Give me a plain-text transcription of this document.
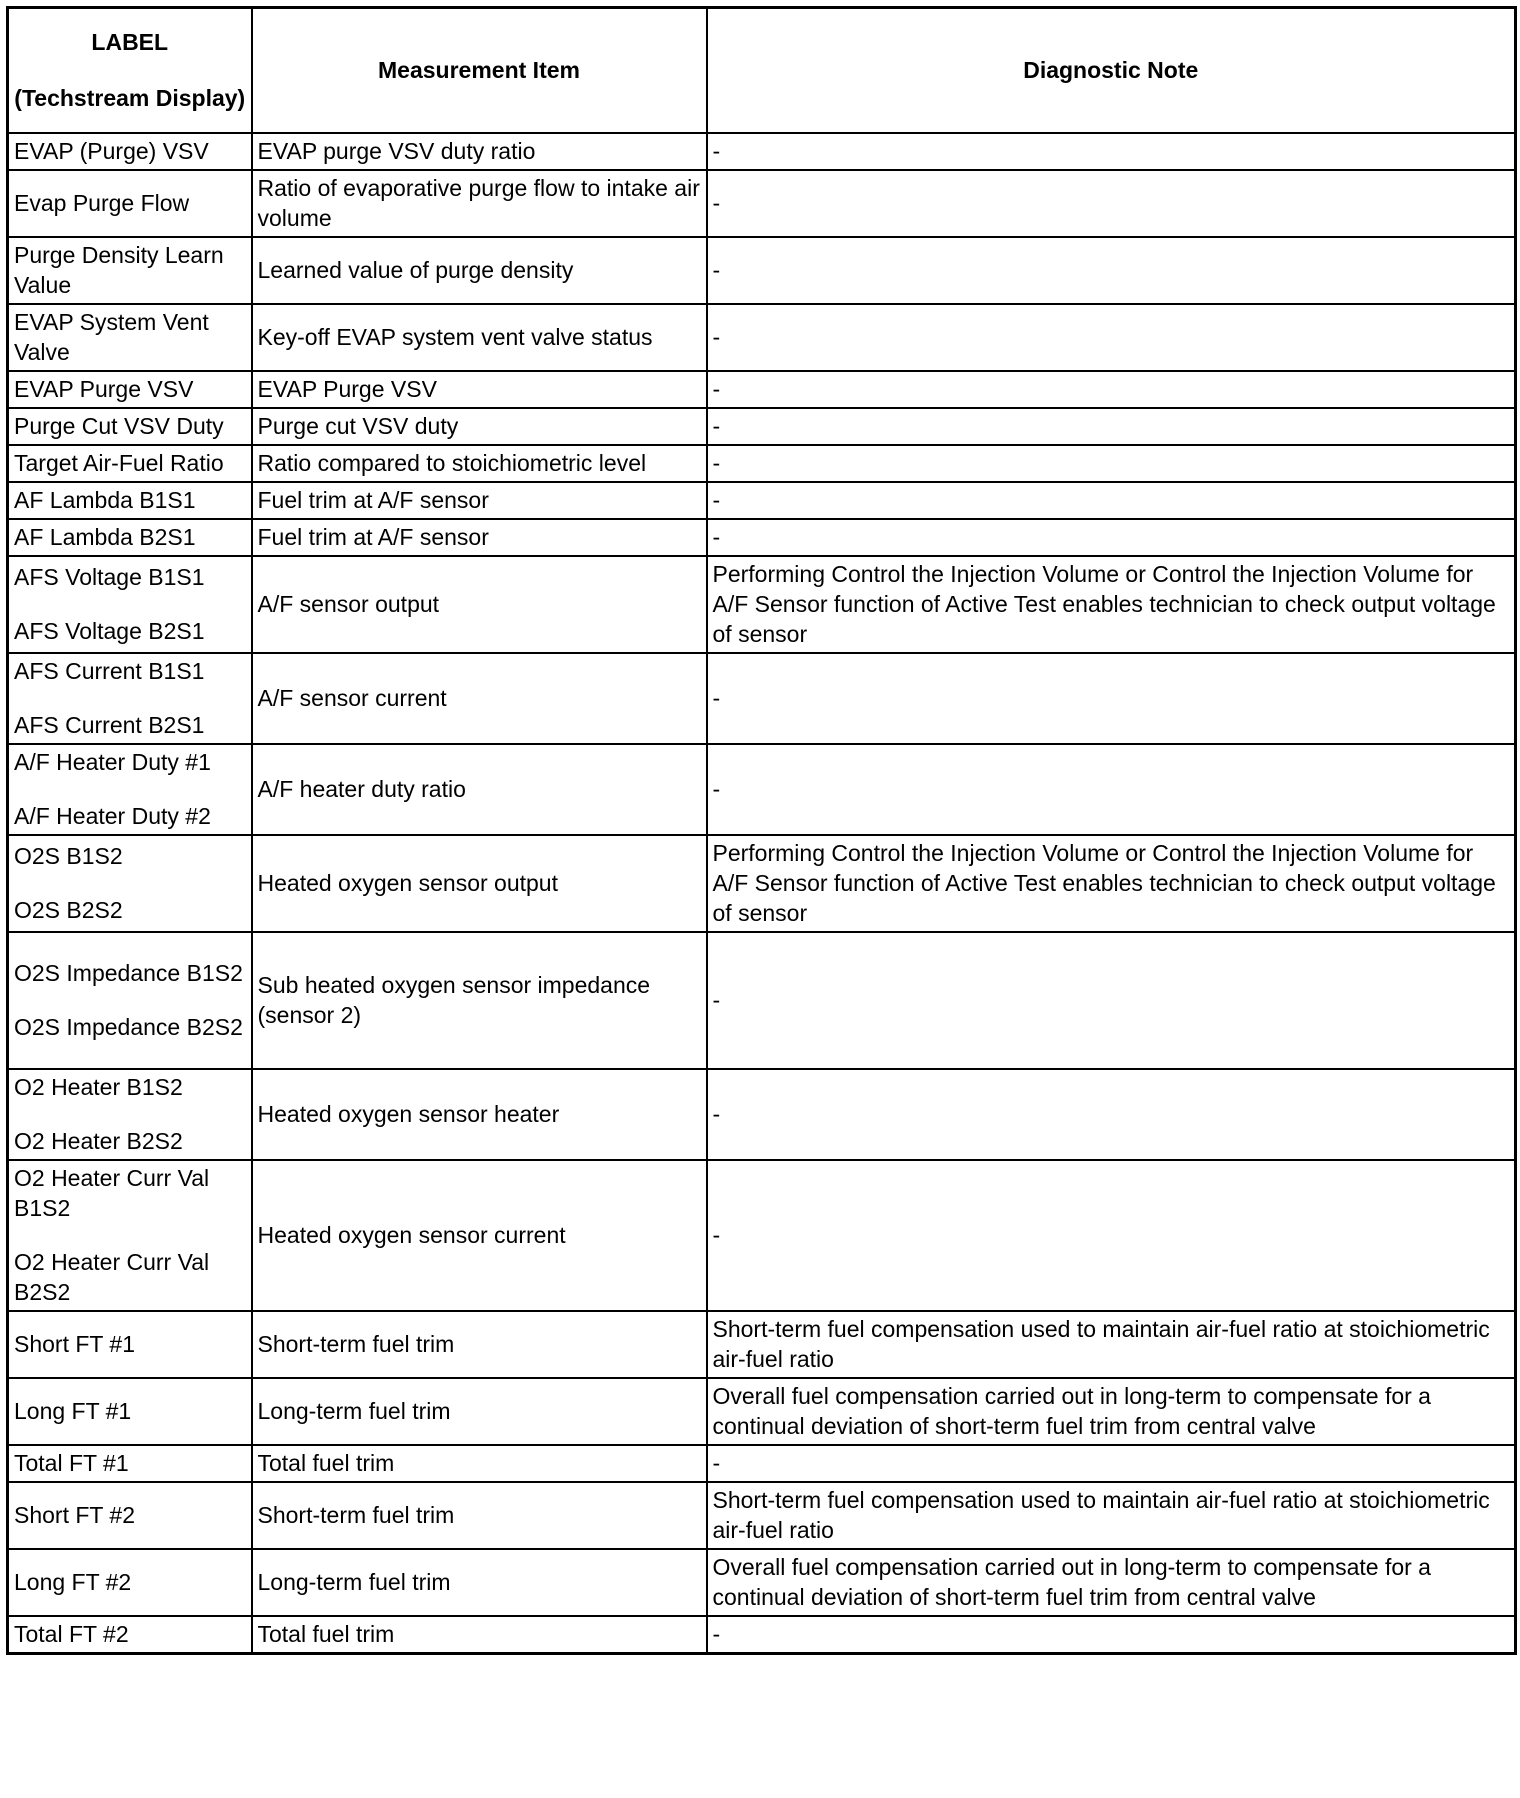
LABEL
(Techstream Display)	Measurement Item	Diagnostic Note

EVAP (Purge) VSV	EVAP purge VSV duty ratio	-

Evap Purge Flow	Ratio of evaporative purge flow to intake air volume	-

Purge Density Learn Value	Learned value of purge density	-

EVAP System Vent Valve	Key-off EVAP system vent valve status	-

EVAP Purge VSV	EVAP Purge VSV	-

Purge Cut VSV Duty	Purge cut VSV duty	-

Target Air-Fuel Ratio	Ratio compared to stoichiometric level	-

AF Lambda B1S1	Fuel trim at A/F sensor	-

AF Lambda B2S1	Fuel trim at A/F sensor	-

AFS Voltage B1S1
AFS Voltage B2S1	A/F sensor output	Performing Control the Injection Volume or Control the Injection Volume for A/F Sensor function of Active Test enables technician to check output voltage of sensor

AFS Current B1S1
AFS Current B2S1	A/F sensor current	-

A/F Heater Duty #1
A/F Heater Duty #2	A/F heater duty ratio	-

O2S B1S2
O2S B2S2	Heated oxygen sensor output	Performing Control the Injection Volume or Control the Injection Volume for A/F Sensor function of Active Test enables technician to check output voltage of sensor

O2S Impedance B1S2
O2S Impedance B2S2	Sub heated oxygen sensor impedance (sensor 2)	-

O2 Heater B1S2
O2 Heater B2S2	Heated oxygen sensor heater	-

O2 Heater Curr Val B1S2
O2 Heater Curr Val B2S2	Heated oxygen sensor current	-

Short FT #1	Short-term fuel trim	Short-term fuel compensation used to maintain air-fuel ratio at stoichiometric air-fuel ratio

Long FT #1	Long-term fuel trim	Overall fuel compensation carried out in long-term to compensate for a continual deviation of short-term fuel trim from central valve

Total FT #1	Total fuel trim	-

Short FT #2	Short-term fuel trim	Short-term fuel compensation used to maintain air-fuel ratio at stoichiometric air-fuel ratio

Long FT #2	Long-term fuel trim	Overall fuel compensation carried out in long-term to compensate for a continual deviation of short-term fuel trim from central valve

Total FT #2	Total fuel trim	-
